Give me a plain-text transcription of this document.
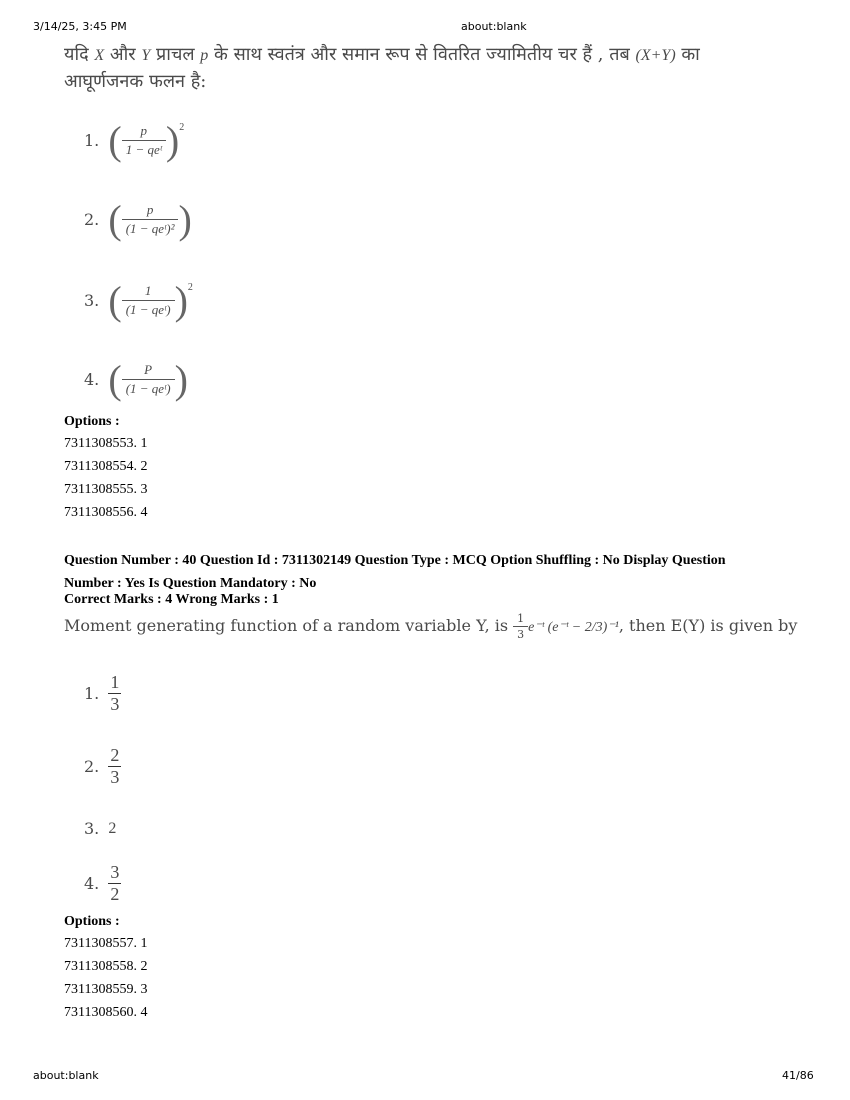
3/14/25, 3:45 PM	about:blank
यदि X और Y प्राचल p के साथ स्वतंत्र और समान रूप से वितरित ज्यामितीय चर हैं , तब (X+Y) का
आघूर्णजनक फलन है:
1. ( $\frac{p}{\text{1 − qeᵗ}} )^2$
2. ( $\frac{p}{\text{(1 − qeᵗ)²}}$ )
3. ( $\frac{1}{\text{(1 − qeᵗ)}} )^2$
4. ( $\frac{P}{\text{(1 − qeᵗ)}}$ )
Options :
7311308553. 1
7311308554. 2
7311308555. 3
7311308556. 4
Question Number : 40 Question Id : 7311302149 Question Type : MCQ Option Shuffling : No Display Question
Number : Yes Is Question Mandatory : No
Correct Marks : 4 Wrong Marks : 1
Moment generating function of a random variable Y, is $\frac{1}{3}$ e⁻ᵗ (e⁻ᵗ − 2/3)⁻¹, then E(Y) is given by
1. $\frac{1}{3}$
2. $\frac{2}{3}$
3. 2
4. $\frac{3}{2}$
Options :
7311308557. 1
7311308558. 2
7311308559. 3
7311308560. 4
about:blank	41/86
